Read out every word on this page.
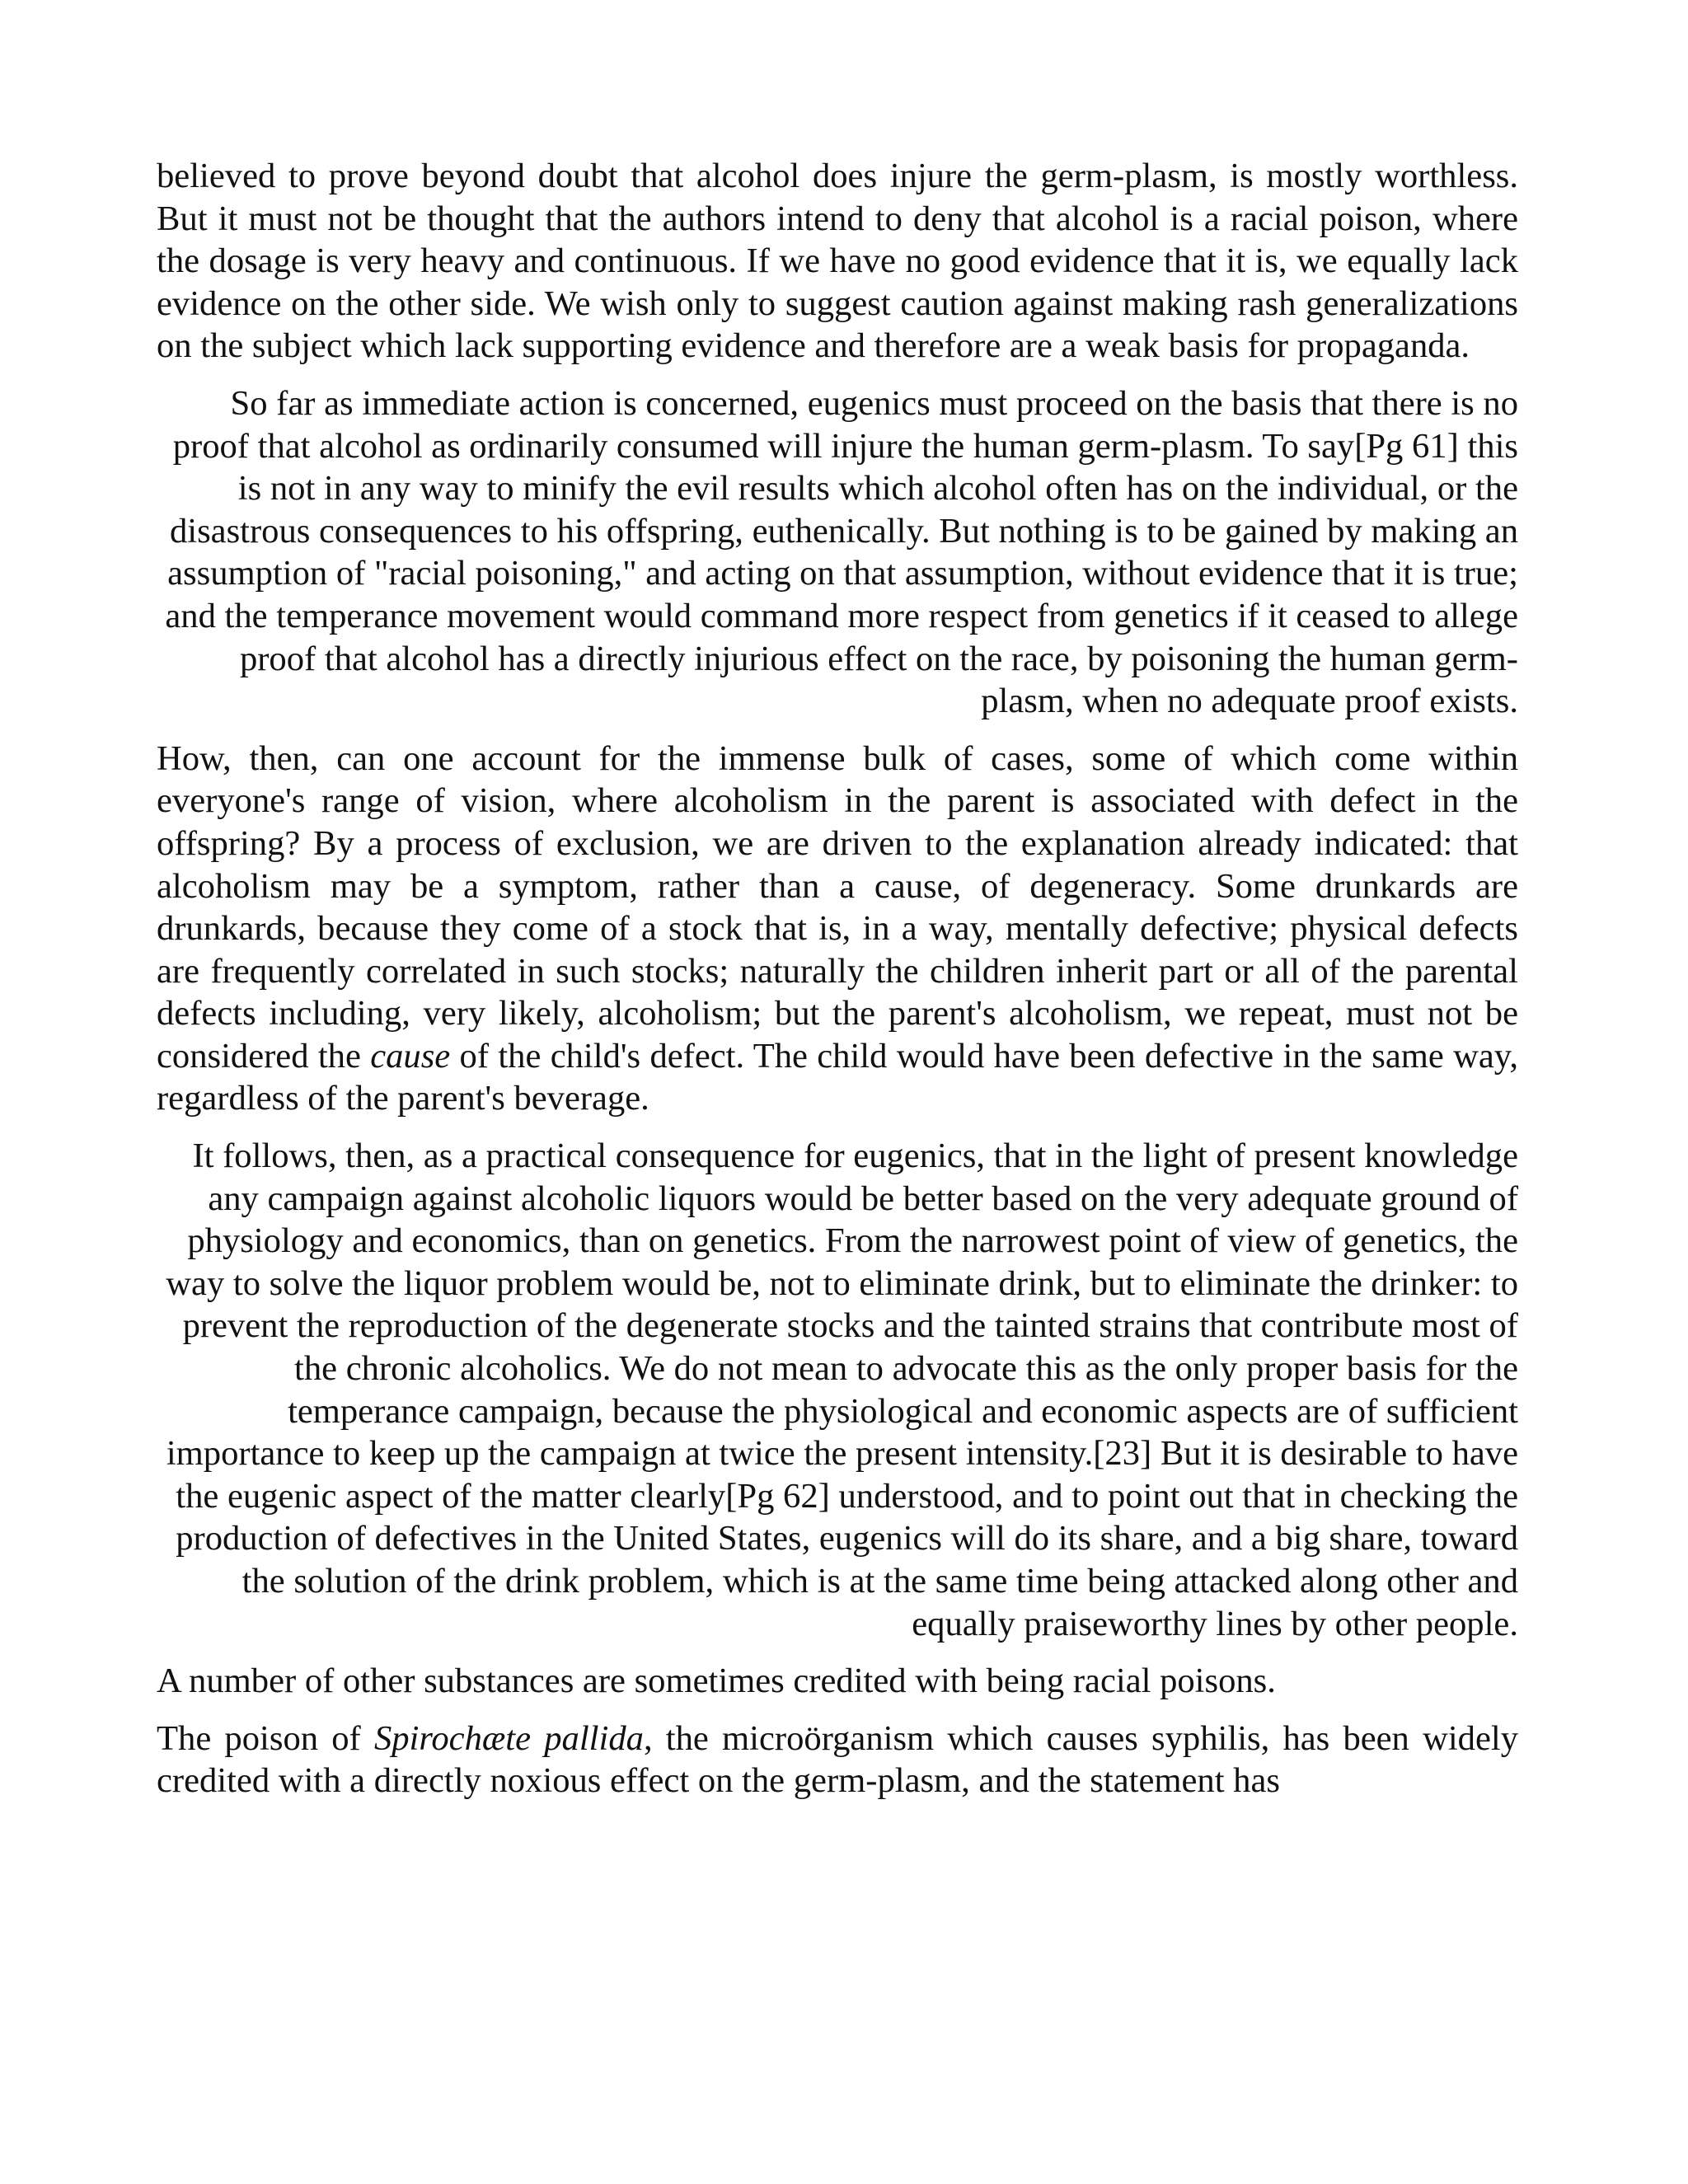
believed to prove beyond doubt that alcohol does injure the germ-plasm, is mostly worthless. But it must not be thought that the authors intend to deny that alcohol is a racial poison, where the dosage is very heavy and continuous. If we have no good evidence that it is, we equally lack evidence on the other side. We wish only to suggest caution against making rash generalizations on the subject which lack supporting evidence and therefore are a weak basis for propaganda.

So far as immediate action is concerned, eugenics must proceed on the basis that there is no proof that alcohol as ordinarily consumed will injure the human germ-plasm. To say[Pg 61] this is not in any way to minify the evil results which alcohol often has on the individual, or the disastrous consequences to his offspring, euthenically. But nothing is to be gained by making an assumption of "racial poisoning," and acting on that assumption, without evidence that it is true; and the temperance movement would command more respect from genetics if it ceased to allege proof that alcohol has a directly injurious effect on the race, by poisoning the human germ-plasm, when no adequate proof exists.

How, then, can one account for the immense bulk of cases, some of which come within everyone's range of vision, where alcoholism in the parent is associated with defect in the offspring? By a process of exclusion, we are driven to the explanation already indicated: that alcoholism may be a symptom, rather than a cause, of degeneracy. Some drunkards are drunkards, because they come of a stock that is, in a way, mentally defective; physical defects are frequently correlated in such stocks; naturally the children inherit part or all of the parental defects including, very likely, alcoholism; but the parent's alcoholism, we repeat, must not be considered the cause of the child's defect. The child would have been defective in the same way, regardless of the parent's beverage.

It follows, then, as a practical consequence for eugenics, that in the light of present knowledge any campaign against alcoholic liquors would be better based on the very adequate ground of physiology and economics, than on genetics. From the narrowest point of view of genetics, the way to solve the liquor problem would be, not to eliminate drink, but to eliminate the drinker: to prevent the reproduction of the degenerate stocks and the tainted strains that contribute most of the chronic alcoholics. We do not mean to advocate this as the only proper basis for the temperance campaign, because the physiological and economic aspects are of sufficient importance to keep up the campaign at twice the present intensity.[23] But it is desirable to have the eugenic aspect of the matter clearly[Pg 62] understood, and to point out that in checking the production of defectives in the United States, eugenics will do its share, and a big share, toward the solution of the drink problem, which is at the same time being attacked along other and equally praiseworthy lines by other people.

A number of other substances are sometimes credited with being racial poisons.

The poison of Spirochæte pallida, the microörganism which causes syphilis, has been widely credited with a directly noxious effect on the germ-plasm, and the statement has
